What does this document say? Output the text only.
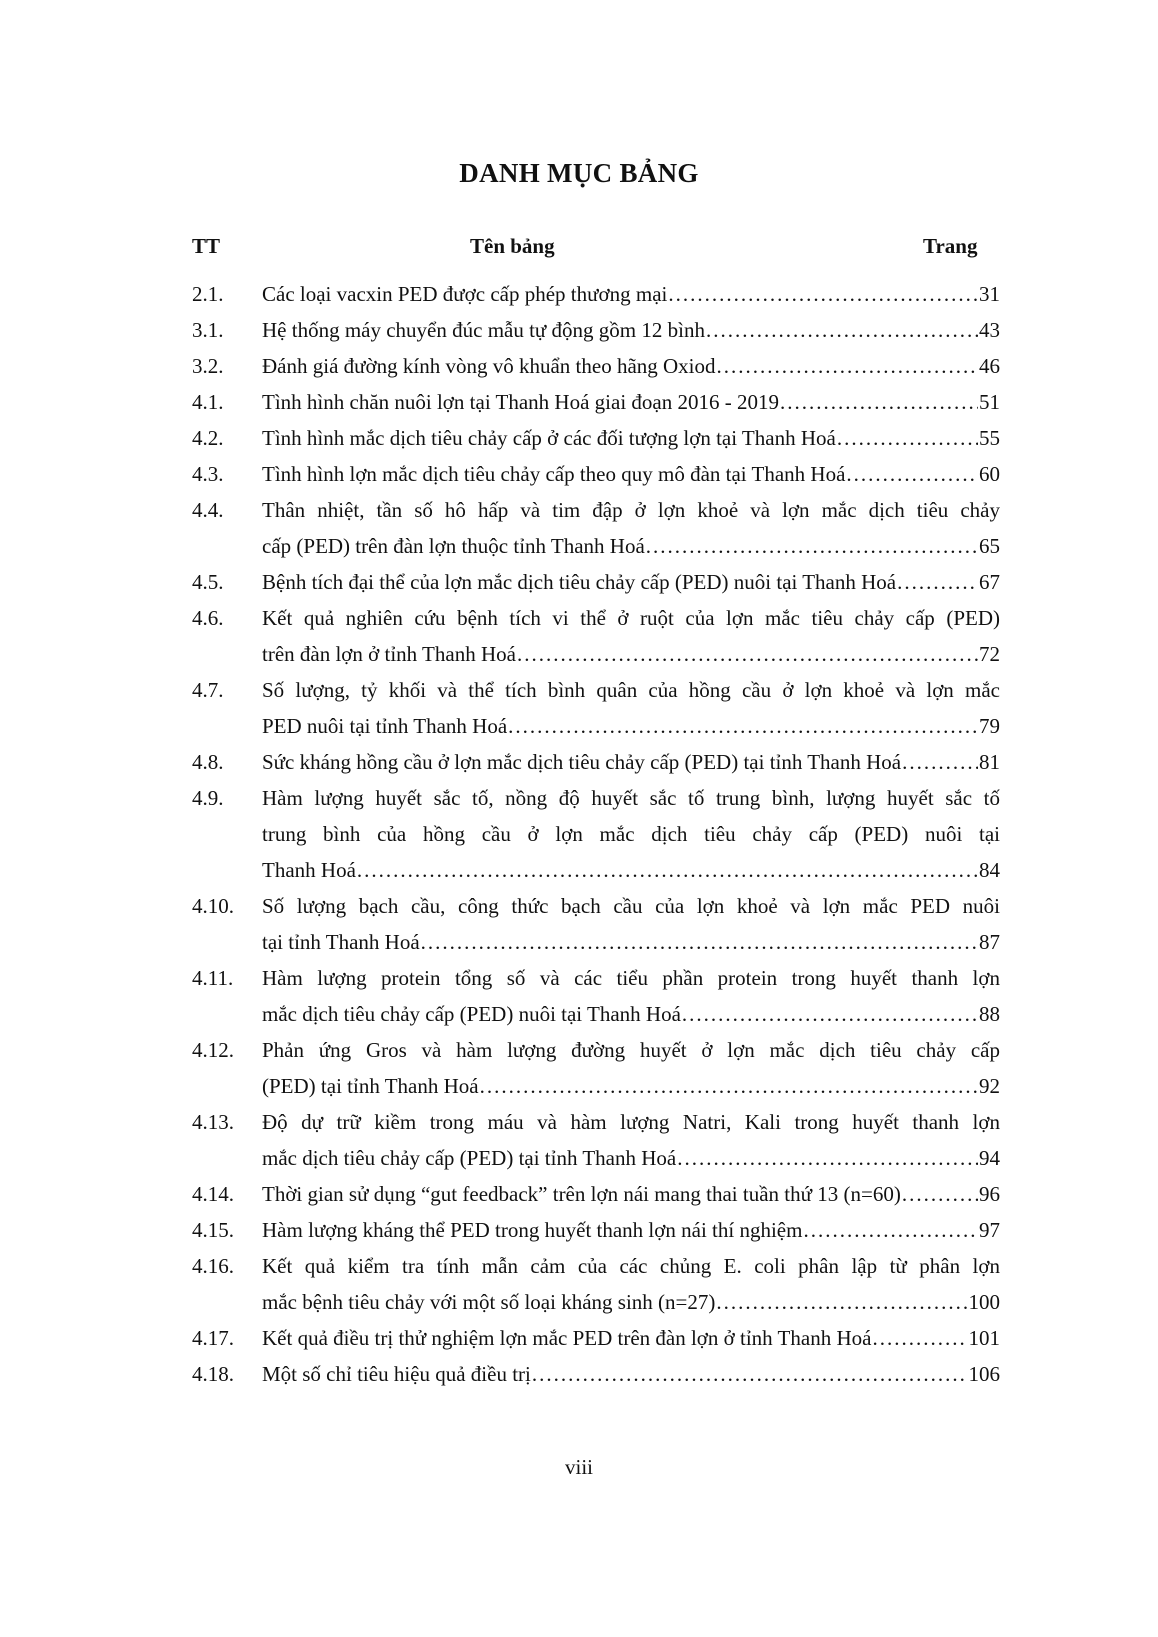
DANH MỤC BẢNG
TT	Tên bảng	Trang
2.1. Các loại vacxin PED được cấp phép thương mại .....	31
3.1. Hệ thống máy chuyển đúc mẫu tự động gồm 12 bình .....	43
3.2. Đánh giá đường kính vòng vô khuẩn theo hãng Oxiod .....	46
4.1. Tình hình chăn nuôi lợn tại Thanh Hoá giai đoạn 2016 - 2019 .....	51
4.2. Tình hình mắc dịch tiêu chảy cấp ở các đối tượng lợn tại Thanh Hoá .....	55
4.3. Tình hình lợn mắc dịch tiêu chảy cấp theo quy mô đàn tại Thanh Hoá .....	60
4.4. Thân nhiệt, tần số hô hấp và tim đập ở lợn khoẻ và lợn mắc dịch tiêu chảy
cấp (PED) trên đàn lợn thuộc tỉnh Thanh Hoá .....	65
4.5. Bệnh tích đại thể của lợn mắc dịch tiêu chảy cấp (PED) nuôi tại Thanh Hoá .....	67
4.6. Kết quả nghiên cứu bệnh tích vi thể ở ruột của lợn mắc tiêu chảy cấp (PED)
trên đàn lợn ở tỉnh Thanh Hoá .....	72
4.7. Số lượng, tỷ khối và thể tích bình quân của hồng cầu ở lợn khoẻ và lợn mắc
PED nuôi tại tỉnh Thanh Hoá .....	79
4.8. Sức kháng hồng cầu ở lợn mắc dịch tiêu chảy cấp (PED) tại tỉnh Thanh Hoá .....	81
4.9. Hàm lượng huyết sắc tố, nồng độ huyết sắc tố trung bình, lượng huyết sắc tố
trung bình của hồng cầu ở lợn mắc dịch tiêu chảy cấp (PED) nuôi tại
Thanh Hoá .....	84
4.10. Số lượng bạch cầu, công thức bạch cầu của lợn khoẻ và lợn mắc PED nuôi
tại tỉnh Thanh Hoá .....	87
4.11. Hàm lượng protein tổng số và các tiểu phần protein trong huyết thanh lợn
mắc dịch tiêu chảy cấp (PED) nuôi tại Thanh Hoá .....	88
4.12. Phản ứng Gros và hàm lượng đường huyết ở lợn mắc dịch tiêu chảy cấp
(PED) tại tỉnh Thanh Hoá .....	92
4.13. Độ dự trữ kiềm trong máu và hàm lượng Natri, Kali trong huyết thanh lợn
mắc dịch tiêu chảy cấp (PED) tại tỉnh Thanh Hoá .....	94
4.14. Thời gian sử dụng “gut feedback” trên lợn nái mang thai tuần thứ 13 (n=60) .....	96
4.15. Hàm lượng kháng thể PED trong huyết thanh lợn nái thí nghiệm .....	97
4.16. Kết quả kiểm tra tính mẫn cảm của các chủng E. coli phân lập từ phân lợn
mắc bệnh tiêu chảy với một số loại kháng sinh (n=27) .....	100
4.17. Kết quả điều trị thử nghiệm lợn mắc PED trên đàn lợn ở tỉnh Thanh Hoá .....	101
4.18. Một số chỉ tiêu hiệu quả điều trị .....	106
viii
